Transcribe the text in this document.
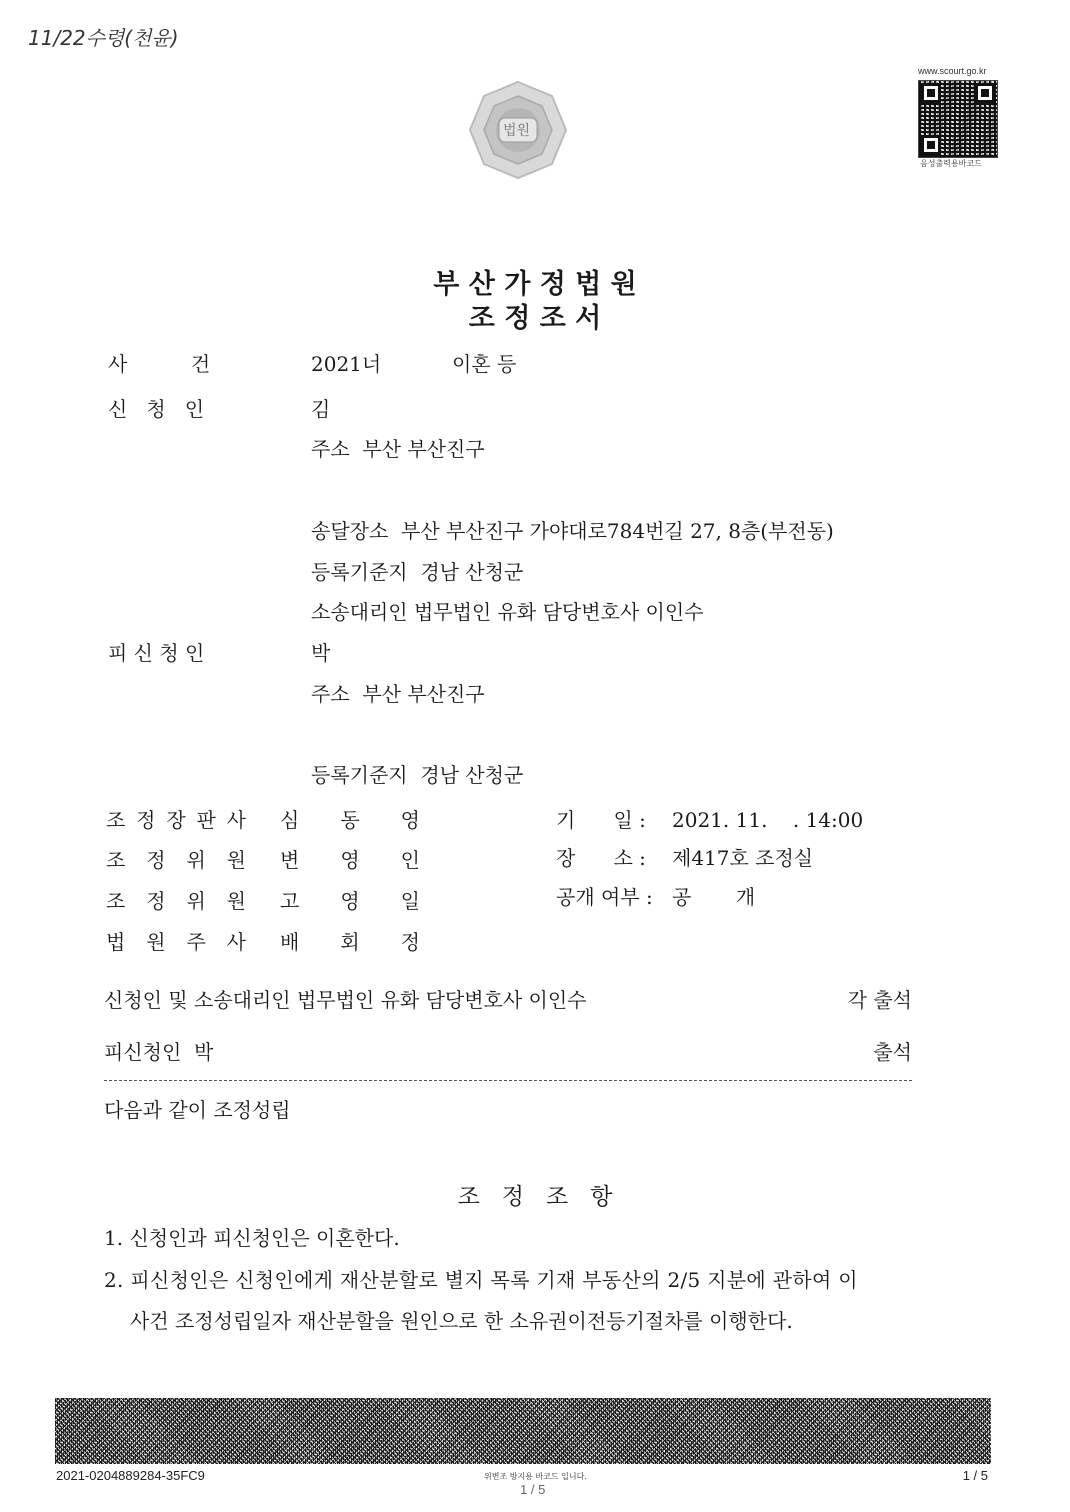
11/22수령(천윤)
법원
www.scourt.go.kr
음성출력용바코드
부 산 가 정 법 원
조 정 조 서
사          건	2021너	이혼 등
신   청   인	김
주소  부산 부산진구
송달장소  부산 부산진구 가야대로784번길 27, 8층(부전동)
등록기준지  경남 산청군
소송대리인 법무법인 유화 담당변호사 이인수
피 신 청 인	박
주소  부산 부산진구
등록기준지  경남 산청군
조 정 장 판 사 심 동 영
조 정 위 원 변 영 인
조 정 위 원 고 영 일
법 원 주 사 배 회 정
기      일 : 2021. 11.    . 14:00
장      소 : 제417호 조정실
공개 여부 : 공       개
신청인 및 소송대리인 법무법인 유화 담당변호사 이인수	각 출석
피신청인  박	출석
다음과 같이 조정성립
조   정   조   항
1. 신청인과 피신청인은 이혼한다.
2. 피신청인은 신청인에게 재산분할로 별지 목록 기재 부동산의 2/5 지분에 관하여 이
사건 조정성립일자 재산분할을 원인으로 한 소유권이전등기절차를 이행한다.
2021-0204889284-35FC9	위변조 방지용 바코드 입니다.
1 / 5
1 / 5
